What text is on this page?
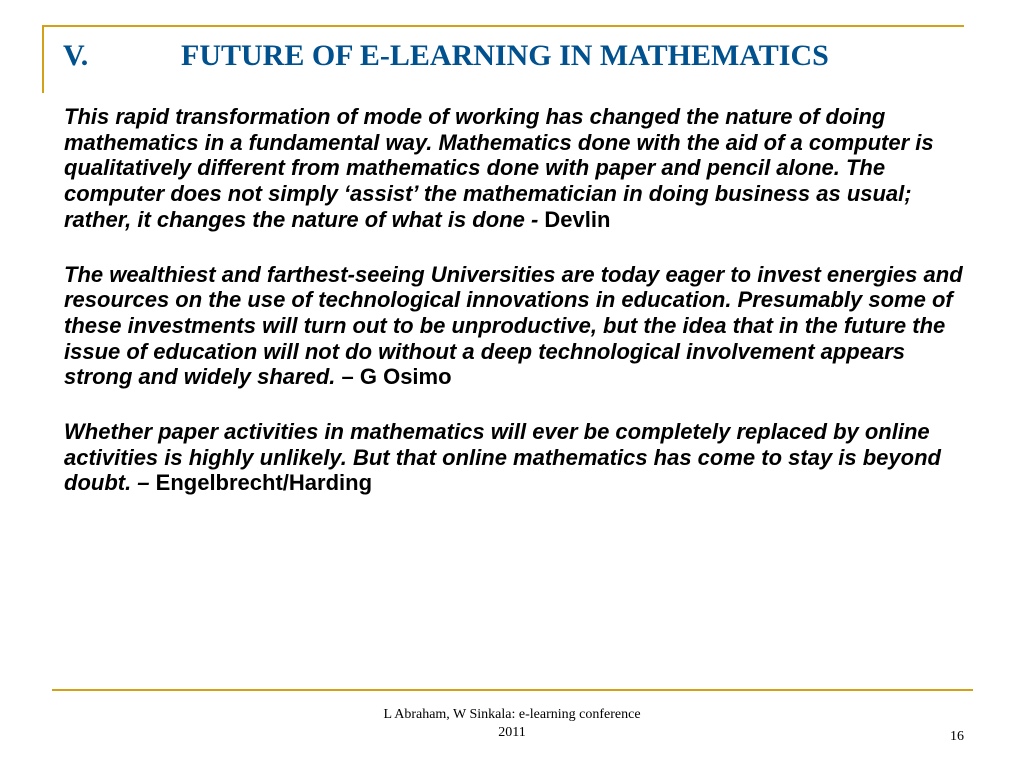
V.	FUTURE OF E-LEARNING IN MATHEMATICS

This rapid transformation of mode of working has changed the nature of doing mathematics in a fundamental way. Mathematics done with the aid of a computer is qualitatively different from mathematics done with paper and pencil alone. The computer does not simply ‘assist’ the mathematician in doing business as usual; rather, it changes the nature of what is done - Devlin

The wealthiest and farthest-seeing Universities are today eager to invest energies and resources on the use of technological innovations in education. Presumably some of these investments will turn out to be unproductive, but the idea that in the future the issue of education will not do without a deep technological involvement appears strong and widely shared. – G Osimo

Whether paper activities in mathematics will ever be completely replaced by online activities is highly unlikely. But that online mathematics has come to stay is beyond doubt. – Engelbrecht/Harding

L Abraham, W Sinkala: e-learning conference
2011	16
